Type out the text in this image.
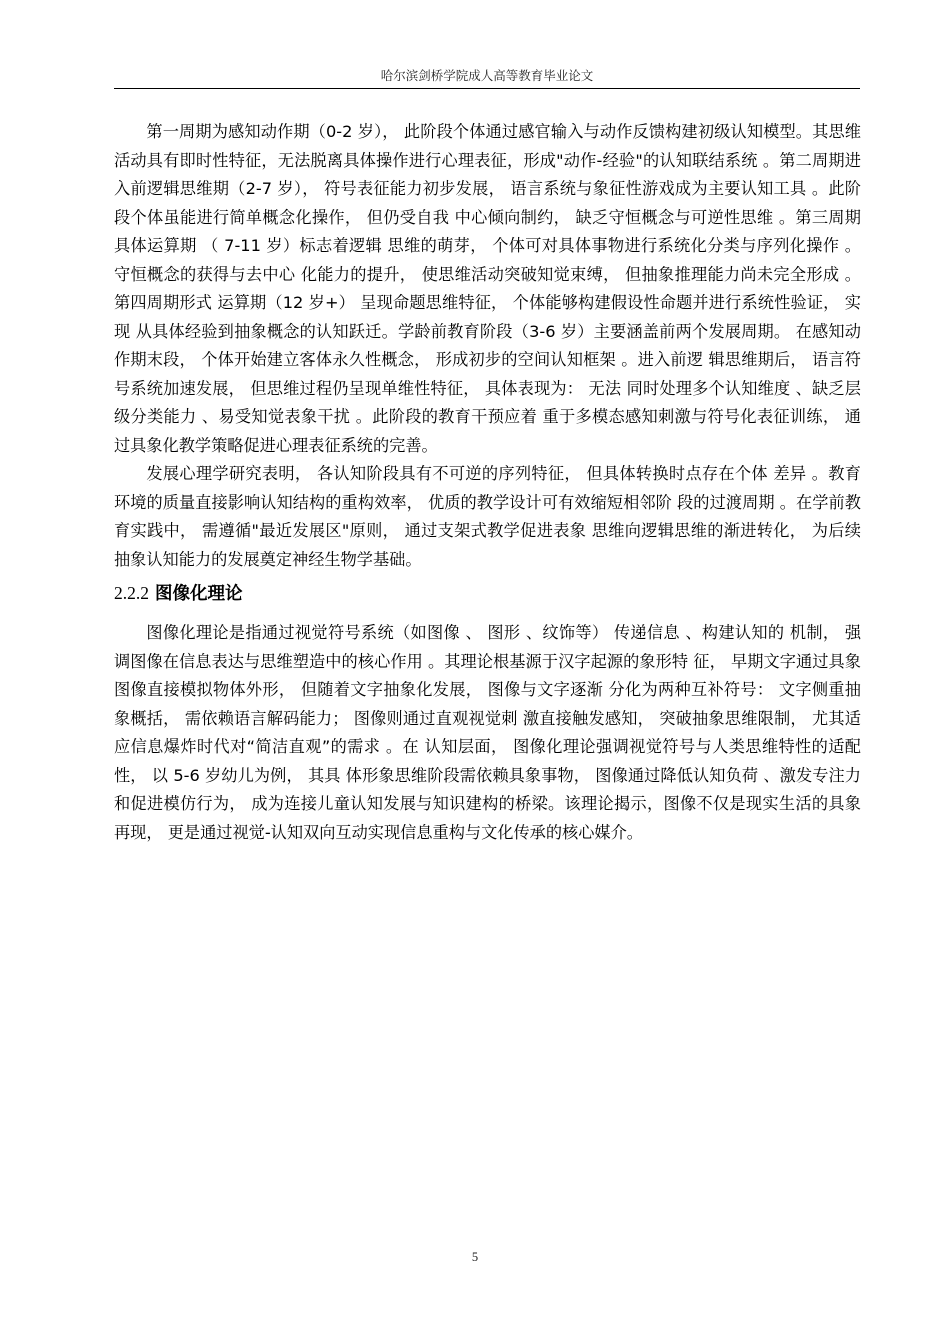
哈尔滨剑桥学院成人高等教育毕业论文

第一周期为感知动作期（0-2 岁）， 此阶段个体通过感官输入与动作反馈构建初级认知模型。其思维活动具有即时性特征，无法脱离具体操作进行心理表征，形成"动作-经验"的认知联结系统 。第二周期进入前逻辑思维期（2-7 岁）， 符号表征能力初步发展， 语言系统与象征性游戏成为主要认知工具 。此阶段个体虽能进行简单概念化操作， 但仍受自我 中心倾向制约， 缺乏守恒概念与可逆性思维 。第三周期具体运算期 （ 7-11 岁）标志着逻辑 思维的萌芽， 个体可对具体事物进行系统化分类与序列化操作 。守恒概念的获得与去中心 化能力的提升， 使思维活动突破知觉束缚， 但抽象推理能力尚未完全形成 。第四周期形式 运算期（12 岁+） 呈现命题思维特征， 个体能够构建假设性命题并进行系统性验证， 实现 从具体经验到抽象概念的认知跃迁。学龄前教育阶段（3-6 岁）主要涵盖前两个发展周期。 在感知动作期末段， 个体开始建立客体永久性概念， 形成初步的空间认知框架 。进入前逻 辑思维期后， 语言符号系统加速发展， 但思维过程仍呈现单维性特征， 具体表现为： 无法 同时处理多个认知维度 、缺乏层级分类能力 、易受知觉表象干扰 。此阶段的教育干预应着 重于多模态感知刺激与符号化表征训练， 通过具象化教学策略促进心理表征系统的完善。

发展心理学研究表明， 各认知阶段具有不可逆的序列特征， 但具体转换时点存在个体 差异 。教育环境的质量直接影响认知结构的重构效率， 优质的教学设计可有效缩短相邻阶 段的过渡周期 。在学前教育实践中， 需遵循"最近发展区"原则， 通过支架式教学促进表象 思维向逻辑思维的渐进转化， 为后续抽象认知能力的发展奠定神经生物学基础。

2.2.2 图像化理论

图像化理论是指通过视觉符号系统（如图像 、 图形 、纹饰等） 传递信息 、构建认知的 机制， 强调图像在信息表达与思维塑造中的核心作用 。其理论根基源于汉字起源的象形特 征， 早期文字通过具象图像直接模拟物体外形， 但随着文字抽象化发展， 图像与文字逐渐 分化为两种互补符号： 文字侧重抽象概括， 需依赖语言解码能力； 图像则通过直观视觉刺 激直接触发感知， 突破抽象思维限制， 尤其适应信息爆炸时代对“简洁直观”的需求 。在 认知层面， 图像化理论强调视觉符号与人类思维特性的适配性， 以 5-6 岁幼儿为例， 其具 体形象思维阶段需依赖具象事物， 图像通过降低认知负荷 、激发专注力和促进模仿行为， 成为连接儿童认知发展与知识建构的桥梁。该理论揭示，图像不仅是现实生活的具象再现， 更是通过视觉-认知双向互动实现信息重构与文化传承的核心媒介。

5
